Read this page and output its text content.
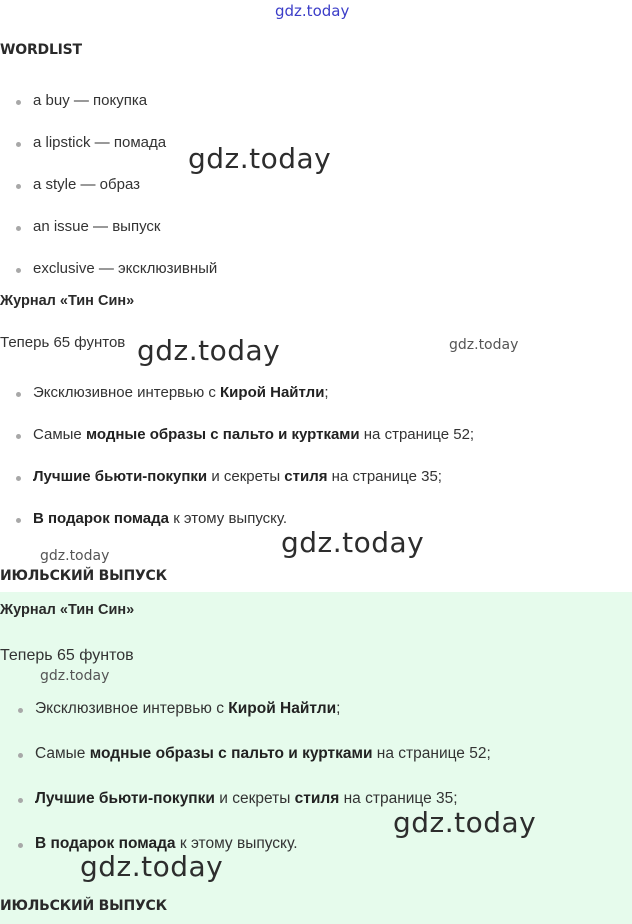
gdz.today
WORDLIST
a buy — покупка
a lipstick — помада
a style — образ
an issue — выпуск
exclusive — эксклюзивный
Журнал «Тин Син»
Теперь 65 фунтов
Эксклюзивное интервью с Кирой Найтли;
Самые модные образы с пальто и куртками на странице 52;
Лучшие бьюти-покупки и секреты стиля на странице 35;
В подарок помада к этому выпуску.
ИЮЛЬСКИЙ ВЫПУСК
Журнал «Тин Син»
Теперь 65 фунтов
Эксклюзивное интервью с Кирой Найтли;
Самые модные образы с пальто и куртками на странице 52;
Лучшие бьюти-покупки и секреты стиля на странице 35;
В подарок помада к этому выпуску.
ИЮЛЬСКИЙ ВЫПУСК
gdz.today
gdz.today	gdz.today
gdz.today	gdz.today
gdz.today
gdz.today
gdz.today
